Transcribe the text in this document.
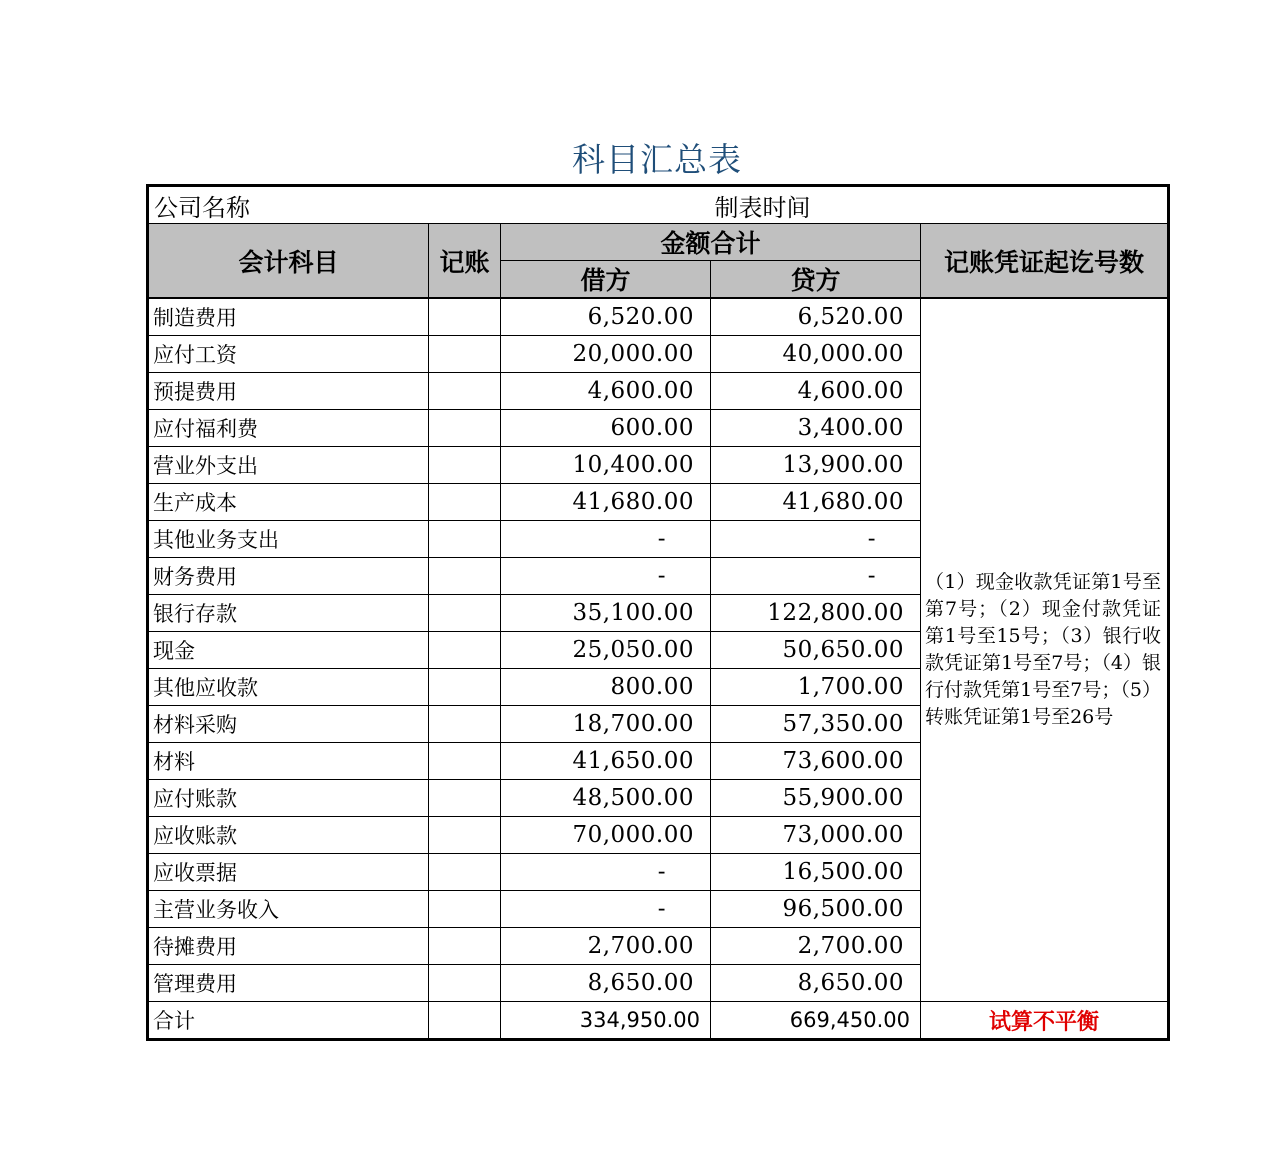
科目汇总表
公司名称			制表时间	
会计科目	记账	金额合计		记账凭证起讫号数
		借方	贷方	
制造费用		6,520.00	6,520.00	（1）现金收款凭证第1号至第7号；（2）现金付款凭证第1号至15号；（3）银行收款凭证第1号至7号；（4）银行付款凭第1号至7号；（5）转账凭证第1号至26号
应付工资		20,000.00	40,000.00	
预提费用		4,600.00	4,600.00	
应付福利费		600.00	3,400.00	
营业外支出		10,400.00	13,900.00	
生产成本		41,680.00	41,680.00	
其他业务支出		-	-	
财务费用		-	-	
银行存款		35,100.00	122,800.00	
现金		25,050.00	50,650.00	
其他应收款		800.00	1,700.00	
材料采购		18,700.00	57,350.00	
材料		41,650.00	73,600.00	
应付账款		48,500.00	55,900.00	
应收账款		70,000.00	73,000.00	
应收票据		-	16,500.00	
主营业务收入		-	96,500.00	
待摊费用		2,700.00	2,700.00	
管理费用		8,650.00	8,650.00	
合计		334,950.00	669,450.00	试算不平衡
